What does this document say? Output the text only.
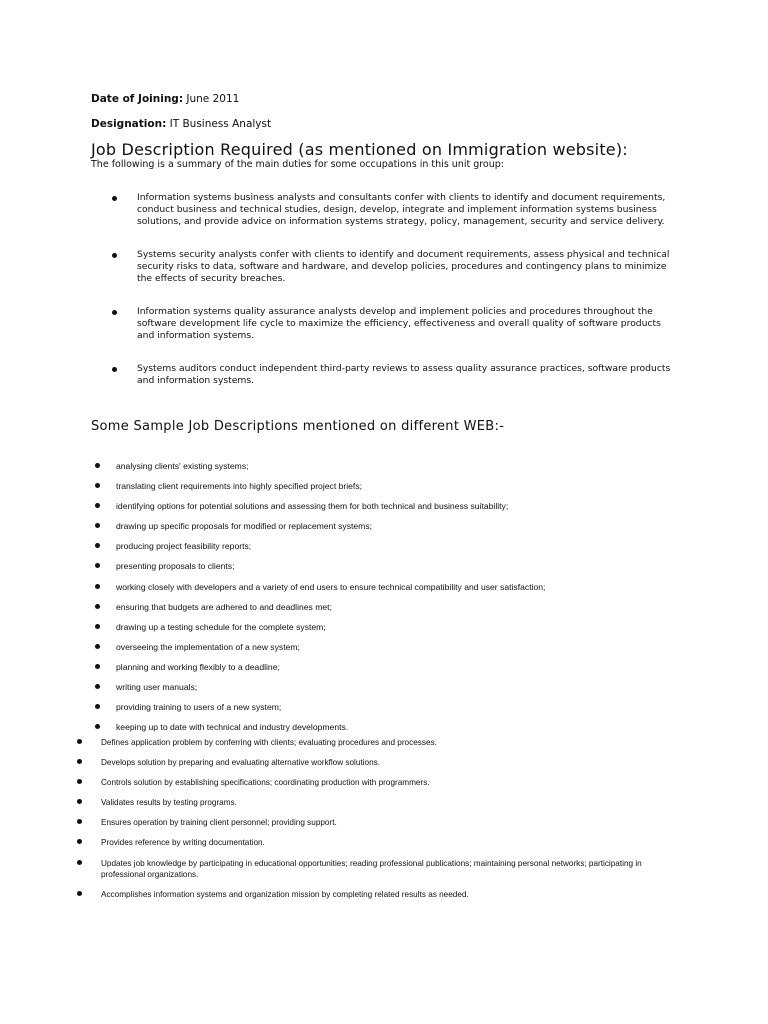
Date of Joining: June 2011
Designation: IT Business Analyst
Job Description Required (as mentioned on Immigration website):
The following is a summary of the main duties for some occupations in this unit group:
Information systems business analysts and consultants confer with clients to identify and document requirements, conduct business and technical studies, design, develop, integrate and implement information systems business solutions, and provide advice on information systems strategy, policy, management, security and service delivery.
Systems security analysts confer with clients to identify and document requirements, assess physical and technical security risks to data, software and hardware, and develop policies, procedures and contingency plans to minimize the effects of security breaches.
Information systems quality assurance analysts develop and implement policies and procedures throughout the software development life cycle to maximize the efficiency, effectiveness and overall quality of software products and information systems.
Systems auditors conduct independent third-party reviews to assess quality assurance practices, software products and information systems.
Some Sample Job Descriptions mentioned on different WEB:-
analysing clients' existing systems;
translating client requirements into highly specified project briefs;
identifying options for potential solutions and assessing them for both technical and business suitability;
drawing up specific proposals for modified or replacement systems;
producing project feasibility reports;
presenting proposals to clients;
working closely with developers and a variety of end users to ensure technical compatibility and user satisfaction;
ensuring that budgets are adhered to and deadlines met;
drawing up a testing schedule for the complete system;
overseeing the implementation of a new system;
planning and working flexibly to a deadline;
writing user manuals;
providing training to users of a new system;
keeping up to date with technical and industry developments.
Defines application problem by conferring with clients; evaluating procedures and processes.
Develops solution by preparing and evaluating alternative workflow solutions.
Controls solution by establishing specifications; coordinating production with programmers.
Validates results by testing programs.
Ensures operation by training client personnel; providing support.
Provides reference by writing documentation.
Updates job knowledge by participating in educational opportunities; reading professional publications; maintaining personal networks; participating in professional organizations.
Accomplishes information systems and organization mission by completing related results as needed.
